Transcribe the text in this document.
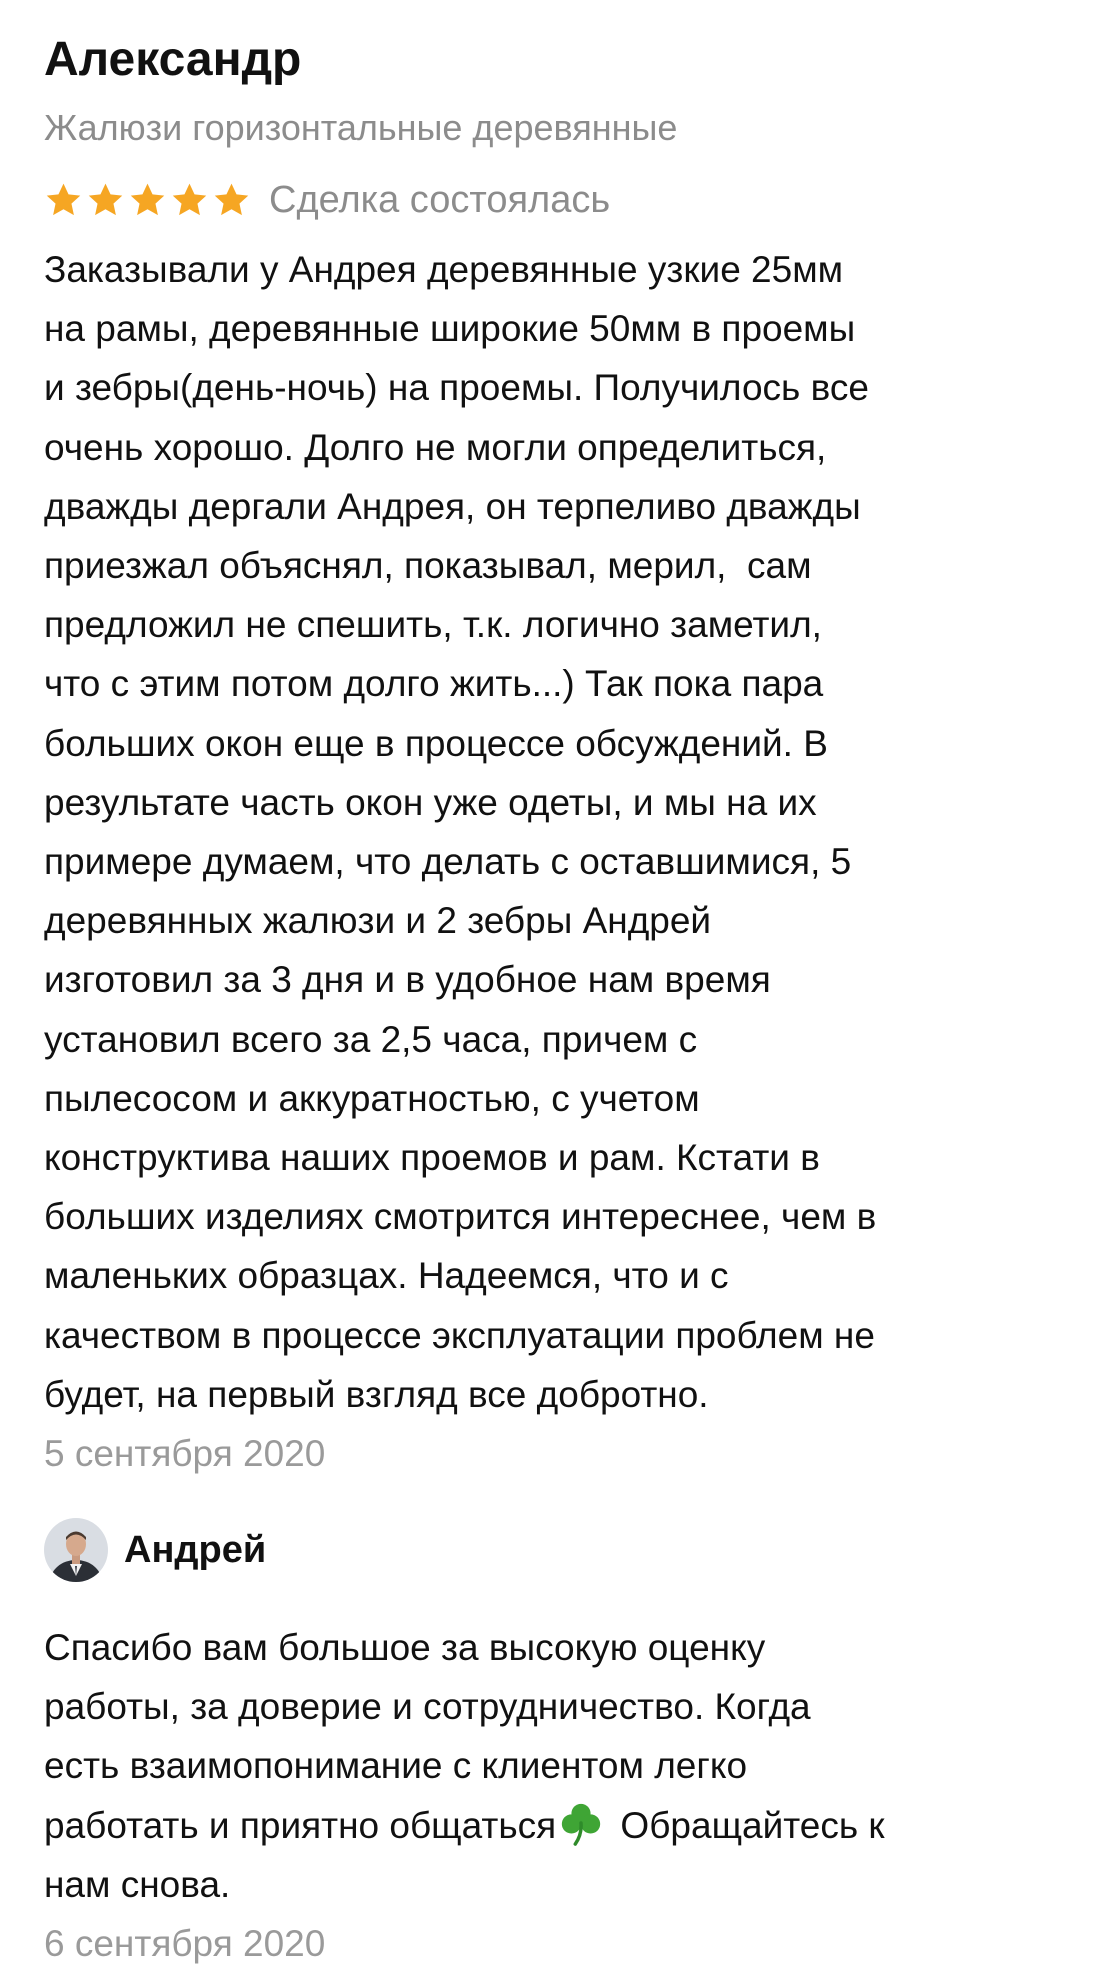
Александр
Жалюзи горизонтальные деревянные
Сделка состоялась

Заказывали у Андрея деревянные узкие 25мм
на рамы, деревянные широкие 50мм в проемы
и зебры(день-ночь) на проемы. Получилось все
очень хорошо. Долго не могли определиться,
дважды дергали Андрея, он терпеливо дважды
приезжал объяснял, показывал, мерил,  сам
предложил не спешить, т.к. логично заметил,
что с этим потом долго жить...) Так пока пара
больших окон еще в процессе обсуждений. В
результате часть окон уже одеты, и мы на их
примере думаем, что делать с оставшимися, 5
деревянных жалюзи и 2 зебры Андрей
изготовил за 3 дня и в удобное нам время
установил всего за 2,5 часа, причем с
пылесосом и аккуратностью, с учетом
конструктива наших проемов и рам. Кстати в
больших изделиях смотрится интереснее, чем в
маленьких образцах. Надеемся, что и с
качеством в процессе эксплуатации проблем не
будет, на первый взгляд все добротно.

5 сентября 2020
Андрей

Спасибо вам большое за высокую оценку
работы, за доверие и сотрудничество. Когда
есть взаимопонимание с клиентом легко
работать и приятно общаться
Обращайтесь к
нам снова.

6 сентября 2020
